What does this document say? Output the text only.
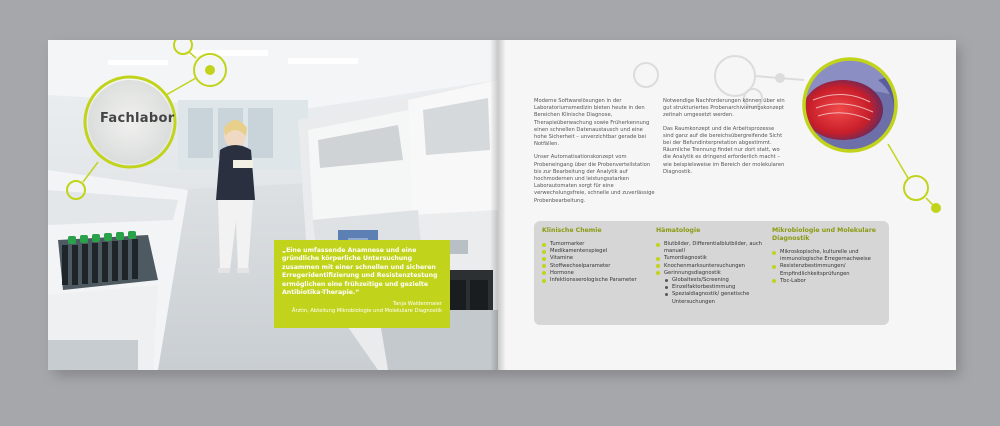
Fachlabor
„Eine umfassende Anamnese und eine gründliche körperliche Untersuchung zusammen mit einer schnellen und sicheren Erregeridentifizierung und Resistenztestung ermöglichen eine frühzeitige und gezielte Antibiotika-Therapie.“
Tanja Waldenmaier
Ärztin, Abteilung Mikrobiologie und Molekulare Diagnostik

Moderne Softwarelösungen in der Laboratoriumsmedizin bieten heute in den Bereichen Klinische Diagnose, Therapieüberwachung sowie Früherkennung einen schnellen Datenaustausch und eine hohe Sicherheit – unverzichtbar gerade bei Notfällen.

Unser Automatisationskonzept vom Probeneingang über die Probenverteilstation bis zur Bearbeitung der Analytik auf hochmodernen und leistungsstarken Laborautomaten sorgt für eine verwechslungsfreie, schnelle und zuverlässige Probenbearbeitung.

Notwendige Nachforderungen können über ein gut strukturiertes Probenarchivierungskonzept zeitnah umgesetzt werden.

Das Raumkonzept und die Arbeitsprozesse sind ganz auf die bereichsübergreifende Sicht bei der Befundinterpretation abgestimmt. Räumliche Trennung findet nur dort statt, wo die Analytik es dringend erforderlich macht – wie beispielsweise im Bereich der molekularen Diagnostik.

Klinische Chemie
Tumormarker
Medikamentenspiegel
Vitamine
Stoffwechselparameter
Hormone
Infektionsserologische Parameter
Hämatologie
Blutbilder, Differentialblutbilder, auch manuell
Tumordiagnostik
Knochenmarksuntersuchungen
Gerinnungsdiagnostik
Globaltests/Screening
Einzelfaktorbestimmung
Spezialdiagnostik/ genetische Untersuchungen
Mikrobiologie und Molekulare Diagnostik
Mikroskopische, kulturelle und immunologische Erregernachweise
Resistenzbestimmungen/ Empfindlichkeitsprüfungen
Tbc-Labor
